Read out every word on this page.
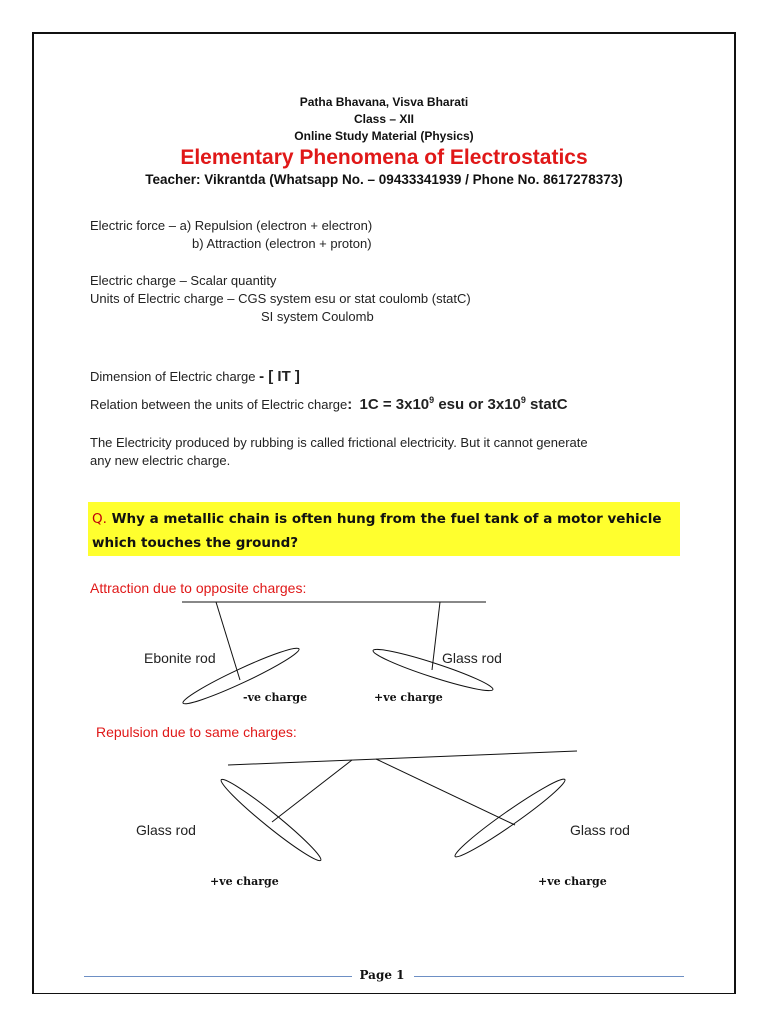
Patha Bhavana, Visva Bharati
Class – XII
Online Study Material (Physics)
Elementary Phenomena of Electrostatics
Teacher: Vikrantda (Whatsapp No. – 09433341939 / Phone No. 8617278373)
Electric force – a) Repulsion (electron + electron)
b) Attraction (electron + proton)
Electric charge – Scalar quantity
Units of Electric charge – CGS system esu or stat coulomb (statC)
SI system Coulomb
Dimension of Electric charge - [ IT ]
Relation between the units of Electric charge: $1C = 3x10^9$ esu or $3x10^9$ statC
The Electricity produced by rubbing is called frictional electricity. But it cannot generate
any new electric charge.
Q. Why a metallic chain is often hung from the fuel tank of a motor vehicle which touches the ground?
Attraction due to opposite charges:
Ebonite rod
-ve charge
Glass rod
+ve charge
Repulsion due to same charges:
Glass rod
+ve charge
Glass rod
+ve charge
Page 1
